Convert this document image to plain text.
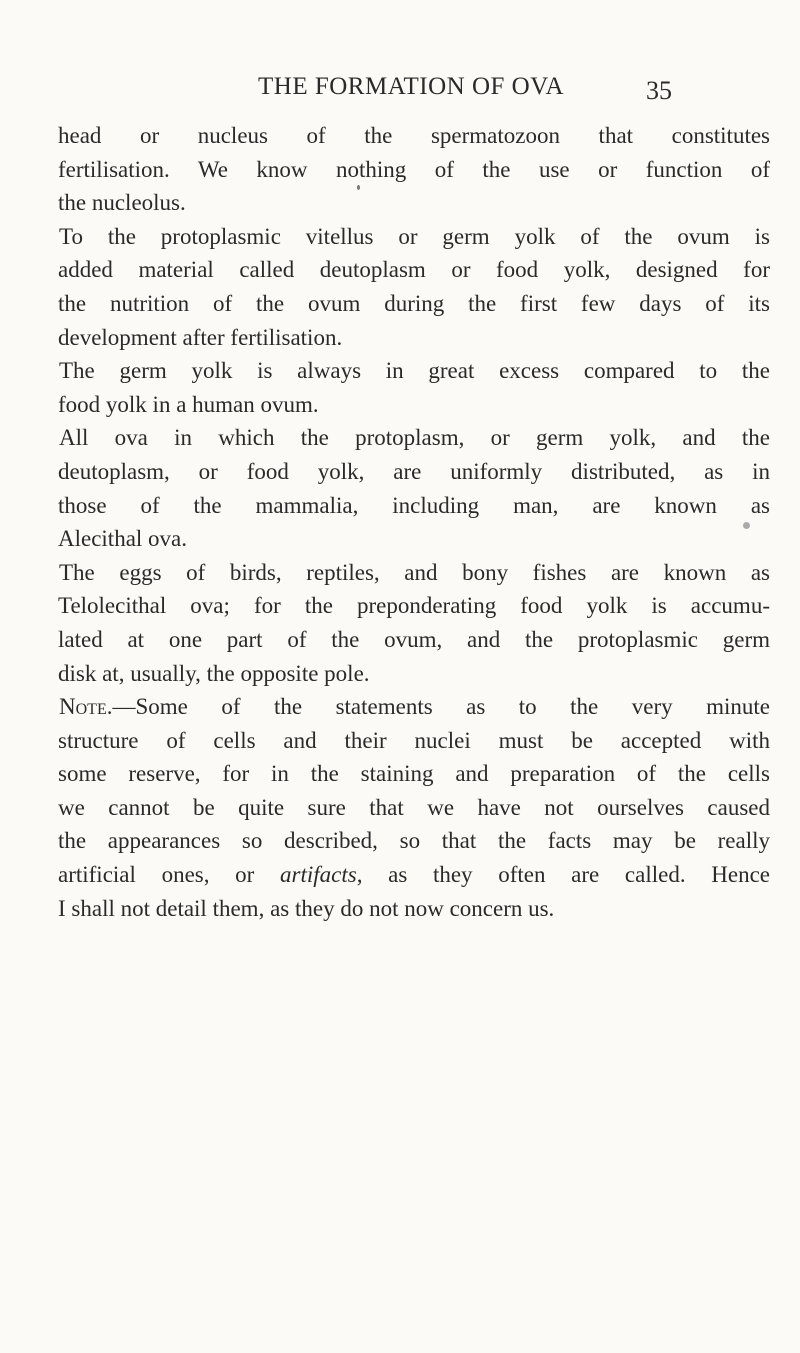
THE FORMATION OF OVA	35
head or nucleus of the spermatozoon that constitutes
fertilisation. We know nothing of the use or function of
the nucleolus.
To the protoplasmic vitellus or germ yolk of the ovum is
added material called deutoplasm or food yolk, designed for
the nutrition of the ovum during the first few days of its
development after fertilisation.
The germ yolk is always in great excess compared to the
food yolk in a human ovum.
All ova in which the protoplasm, or germ yolk, and the
deutoplasm, or food yolk, are uniformly distributed, as in
those of the mammalia, including man, are known as
Alecithal ova.
The eggs of birds, reptiles, and bony fishes are known as
Telolecithal ova; for the preponderating food yolk is accumu-
lated at one part of the ovum, and the protoplasmic germ
disk at, usually, the opposite pole.
Note.—Some of the statements as to the very minute
structure of cells and their nuclei must be accepted with
some reserve, for in the staining and preparation of the cells
we cannot be quite sure that we have not ourselves caused
the appearances so described, so that the facts may be really
artificial ones, or artifacts, as they often are called. Hence
I shall not detail them, as they do not now concern us.
